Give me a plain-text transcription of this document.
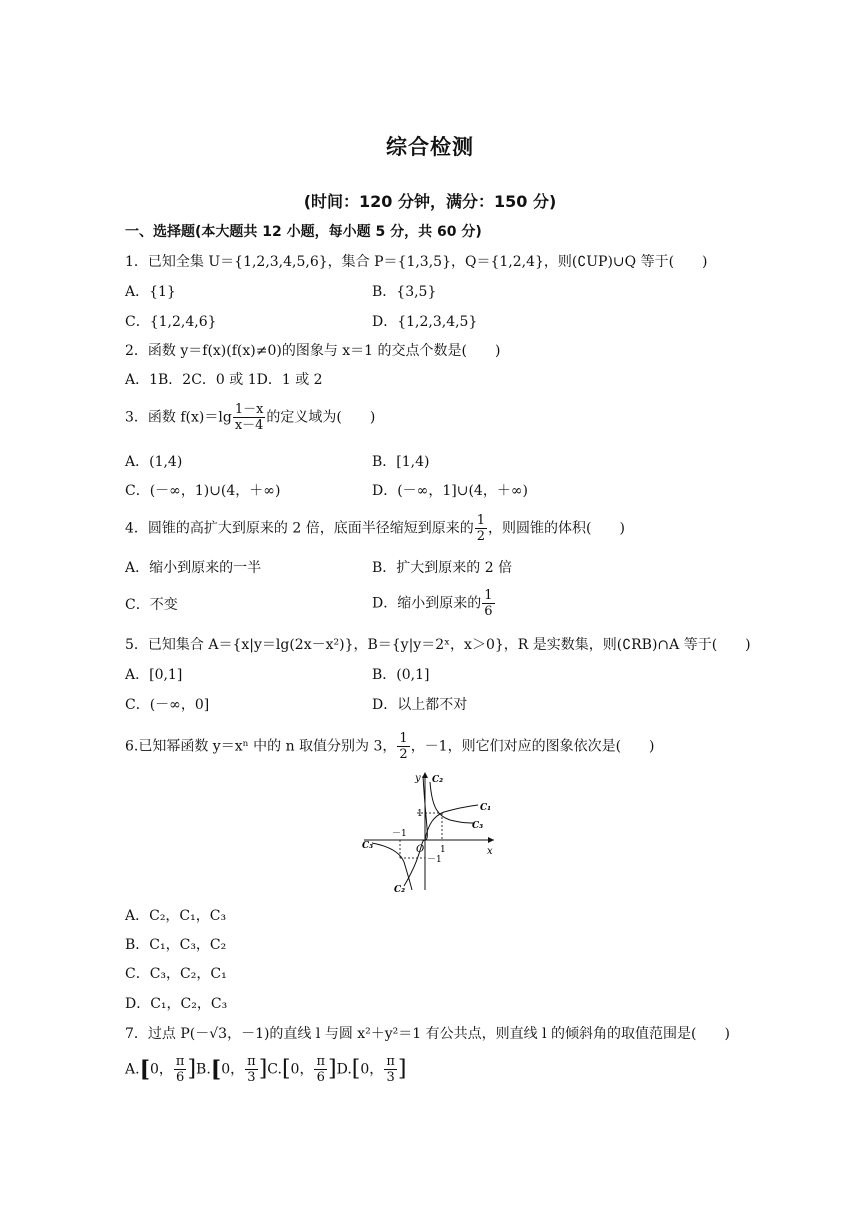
综合检测
(时间：120 分钟，满分：150 分)
一、选择题(本大题共 12 小题，每小题 5 分，共 60 分)
1．已知全集 U＝{1,2,3,4,5,6}，集合 P＝{1,3,5}，Q＝{1,2,4}，则(∁UP)∪Q 等于(　　)
A．{1}	B．{3,5}
C．{1,2,4,6}	D．{1,2,3,4,5}
2．函数 y＝f(x)(f(x)≠0)的图象与 x＝1 的交点个数是(　　)
A．1B．2C．0 或 1D．1 或 2
3．函数 $f(x)=\lg \frac{1-x}{x-4}$ 的定义域为(　　)
A．(1,4)	B．[1,4)
C．(－∞，1)∪(4，＋∞)	D．(－∞，1]∪(4，＋∞)
4．圆锥的高扩大到原来的 2 倍，底面半径缩短到原来的 $\frac{1}{2}$ ，则圆锥的体积(　　)
A．缩小到原来的一半	B．扩大到原来的 2 倍
C．不变	D．缩小到原来的 $\frac{1}{6}$
5．已知集合 A＝{x|y＝lg(2x－x²)}，B＝{y|y＝2ˣ，x＞0}，R 是实数集，则(∁RB)∩A 等于(　　)
A．[0,1]	B．(0,1]
C．(－∞，0]	D．以上都不对
6.已知幂函数 y＝xⁿ 中的 n 取值分别为 3， $\frac{1}{2}$ ，－1，则它们对应的图象依次是(　　)
y
x
O
C₂
C₁
C₃
C₃
C₂
1
1
－1
－1
A．C₂，C₁，C₃
B．C₁，C₃，C₂
C．C₃，C₂，C₁
D．C₁，C₂，C₃
7．过点 P(－√3，－1)的直线 l 与圆 x²＋y²＝1 有公共点，则直线 l 的倾斜角的取值范围是(　　)
A.[0， $\frac{\pi}{6} ]B.[0$， $\frac{\pi}{3} ]C.[0$， $\frac{\pi}{6} ]D.[0$， $\frac{\pi}{3}$ ]
